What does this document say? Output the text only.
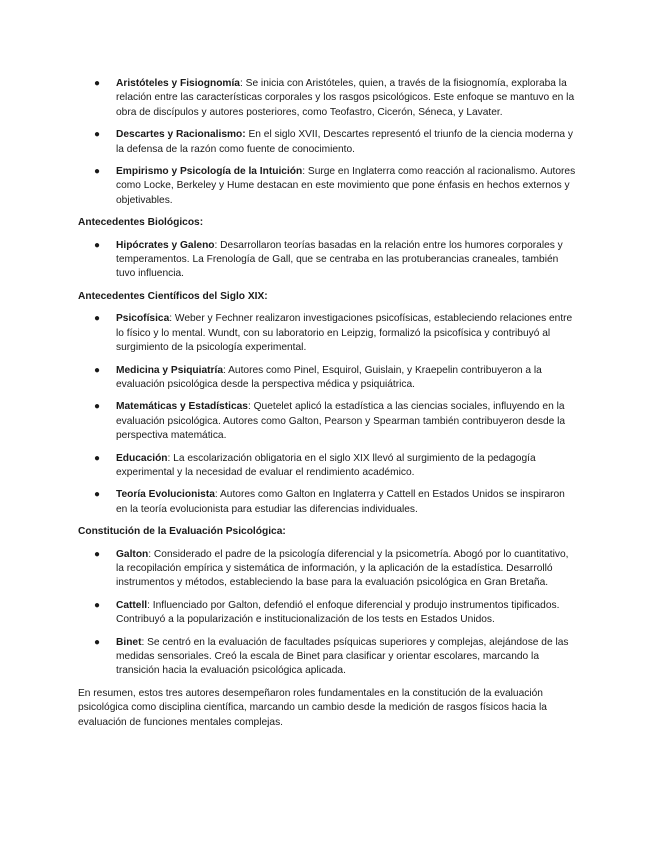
● Aristóteles y Fisiognomía: Se inicia con Aristóteles, quien, a través de la fisiognomía, exploraba la relación entre las características corporales y los rasgos psicológicos. Este enfoque se mantuvo en la obra de discípulos y autores posteriores, como Teofastro, Cicerón, Séneca, y Lavater.
● Descartes y Racionalismo: En el siglo XVII, Descartes representó el triunfo de la ciencia moderna y la defensa de la razón como fuente de conocimiento.
● Empirismo y Psicología de la Intuición: Surge en Inglaterra como reacción al racionalismo. Autores como Locke, Berkeley y Hume destacan en este movimiento que pone énfasis en hechos externos y objetivables.
Antecedentes Biológicos:
● Hipócrates y Galeno: Desarrollaron teorías basadas en la relación entre los humores corporales y temperamentos. La Frenología de Gall, que se centraba en las protuberancias craneales, también tuvo influencia.
Antecedentes Científicos del Siglo XIX:
● Psicofísica: Weber y Fechner realizaron investigaciones psicofísicas, estableciendo relaciones entre lo físico y lo mental. Wundt, con su laboratorio en Leipzig, formalizó la psicofísica y contribuyó al surgimiento de la psicología experimental.
● Medicina y Psiquiatría: Autores como Pinel, Esquirol, Guislain, y Kraepelin contribuyeron a la evaluación psicológica desde la perspectiva médica y psiquiátrica.
● Matemáticas y Estadísticas: Quetelet aplicó la estadística a las ciencias sociales, influyendo en la evaluación psicológica. Autores como Galton, Pearson y Spearman también contribuyeron desde la perspectiva matemática.
● Educación: La escolarización obligatoria en el siglo XIX llevó al surgimiento de la pedagogía experimental y la necesidad de evaluar el rendimiento académico.
● Teoría Evolucionista: Autores como Galton en Inglaterra y Cattell en Estados Unidos se inspiraron en la teoría evolucionista para estudiar las diferencias individuales.
Constitución de la Evaluación Psicológica:
● Galton: Considerado el padre de la psicología diferencial y la psicometría. Abogó por lo cuantitativo, la recopilación empírica y sistemática de información, y la aplicación de la estadística. Desarrolló instrumentos y métodos, estableciendo la base para la evaluación psicológica en Gran Bretaña.
● Cattell: Influenciado por Galton, defendió el enfoque diferencial y produjo instrumentos tipificados. Contribuyó a la popularización e institucionalización de los tests en Estados Unidos.
● Binet: Se centró en la evaluación de facultades psíquicas superiores y complejas, alejándose de las medidas sensoriales. Creó la escala de Binet para clasificar y orientar escolares, marcando la transición hacia la evaluación psicológica aplicada.

En resumen, estos tres autores desempeñaron roles fundamentales en la constitución de la evaluación psicológica como disciplina científica, marcando un cambio desde la medición de rasgos físicos hacia la evaluación de funciones mentales complejas.
